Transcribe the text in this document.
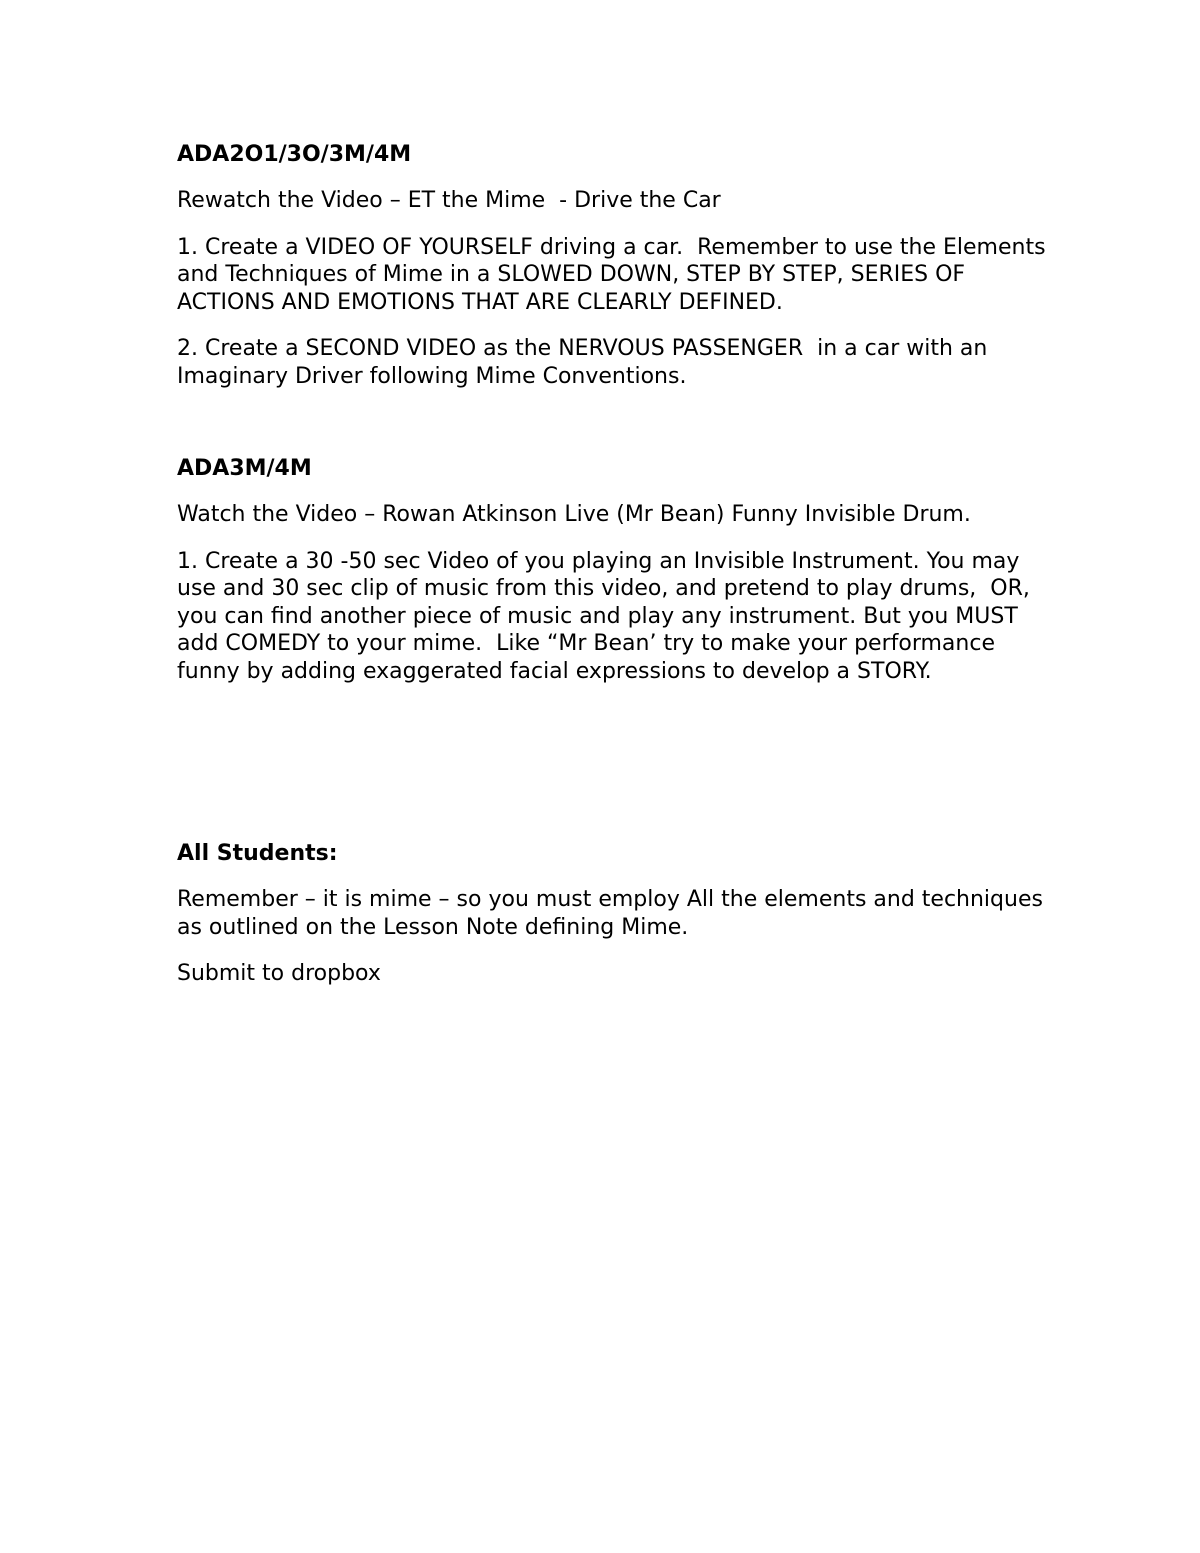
ADA2O1/3O/3M/4M
Rewatch the Video – ET the Mime  - Drive the Car
1. Create a VIDEO OF YOURSELF driving a car.  Remember to use the Elements and Techniques of Mime in a SLOWED DOWN, STEP BY STEP, SERIES OF ACTIONS AND EMOTIONS THAT ARE CLEARLY DEFINED.
2. Create a SECOND VIDEO as the NERVOUS PASSENGER  in a car with an Imaginary Driver following Mime Conventions.
ADA3M/4M
Watch the Video – Rowan Atkinson Live (Mr Bean) Funny Invisible Drum.
1. Create a 30 -50 sec Video of you playing an Invisible Instrument. You may use and 30 sec clip of music from this video, and pretend to play drums,  OR, you can find another piece of music and play any instrument. But you MUST add COMEDY to your mime.  Like “Mr Bean’ try to make your performance funny by adding exaggerated facial expressions to develop a STORY.
All Students:
Remember – it is mime – so you must employ All the elements and techniques as outlined on the Lesson Note defining Mime.
Submit to dropbox
